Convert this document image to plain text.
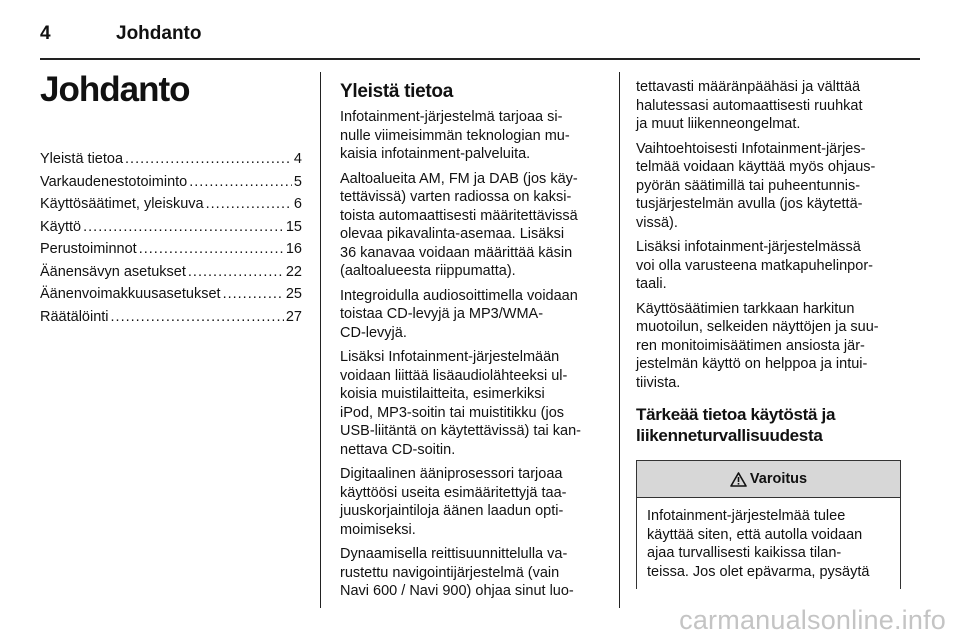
4	Johdanto
Johdanto
Yleistä tietoa .....	4
Varkaudenestotoiminto .....	5
Käyttösäätimet, yleiskuva .....	6
Käyttö .....	15
Perustoiminnot .....	16
Äänensävyn asetukset .....	22
Äänenvoimakkuusasetukset .....	25
Räätälöinti .....	27
Yleistä tietoa

Infotainment-järjestelmä tarjoaa si-
nulle viimeisimmän teknologian mu-
kaisia infotainment-palveluita.

Aaltoalueita AM, FM ja DAB (jos käy-
tettävissä) varten radiossa on kaksi-
toista automaattisesti määritettävissä
olevaa pikavalinta-asemaa. Lisäksi
36 kanavaa voidaan määrittää käsin
(aaltoalueesta riippumatta).

Integroidulla audiosoittimella voidaan
toistaa CD-levyjä ja MP3/WMA-
CD-levyjä.

Lisäksi Infotainment-järjestelmään
voidaan liittää lisäaudiolähteeksi ul-
koisia muistilaitteita, esimerkiksi
iPod, MP3-soitin tai muistitikku (jos
USB-liitäntä on käytettävissä) tai kan-
nettava CD-soitin.

Digitaalinen ääniprosessori tarjoaa
käyttöösi useita esimääritettyjä taa-
juuskorjaintiloja äänen laadun opti-
moimiseksi.

Dynaamisella reittisuunnittelulla va-
rustettu navigointijärjestelmä (vain
Navi 600 / Navi 900) ohjaa sinut luo-

tettavasti määränpäähäsi ja välttää
halutessasi automaattisesti ruuhkat
ja muut liikenneongelmat.

Vaihtoehtoisesti Infotainment-järjes-
telmää voidaan käyttää myös ohjaus-
pyörän säätimillä tai puheentunnis-
tusjärjestelmän avulla (jos käytettä-
vissä).

Lisäksi infotainment-järjestelmässä
voi olla varusteena matkapuhelinpor-
taali.

Käyttösäätimien tarkkaan harkitun
muotoilun, selkeiden näyttöjen ja suu-
ren monitoimisäätimen ansiosta jär-
jestelmän käyttö on helppoa ja intui-
tiivista.

Tärkeää tietoa käytöstä ja
liikenneturvallisuudesta
Varoitus
Infotainment-järjestelmää tulee
käyttää siten, että autolla voidaan
ajaa turvallisesti kaikissa tilan-
teissa. Jos olet epävarma, pysäytä
carmanualsonline.info
